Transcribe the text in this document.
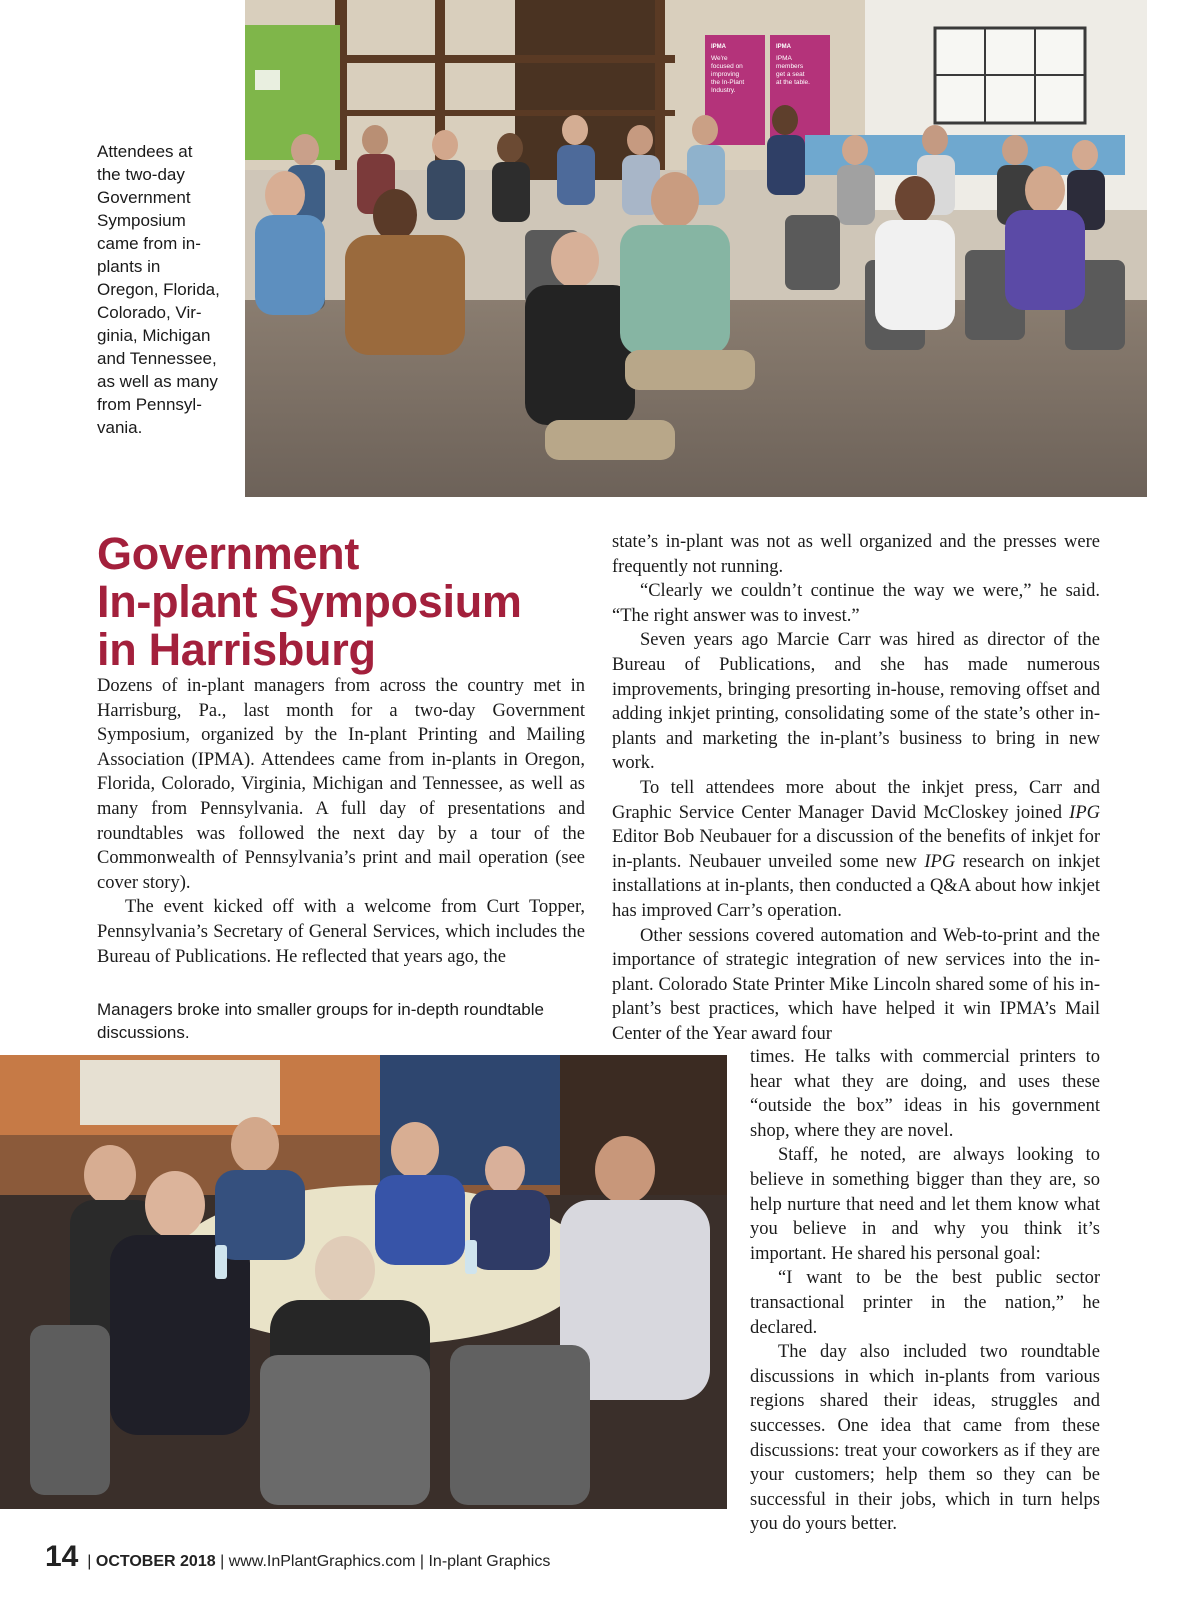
Attendees at
the two-day
Government
Symposium
came from in-
plants in
Oregon, Florida,
Colorado, Vir-
ginia, Michigan
and Tennessee,
as well as many
from Pennsyl-
vania.
IPMA	IPMA
We're focused on improving the In-Plant Industry.
IPMA members get a seat at the table.
Government
In-plant Symposium
in Harrisburg

Dozens of in-plant managers from across the country met in Harrisburg, Pa., last month for a two-day Government Symposium, organized by the In-plant Printing and Mailing Association (IPMA). Attendees came from in-plants in Oregon, Florida, Colorado, Virginia, Michigan and Tennessee, as well as many from Pennsylvania. A full day of presentations and roundtables was followed the next day by a tour of the Commonwealth of Pennsylvania’s print and mail operation (see cover story).

The event kicked off with a welcome from Curt Topper, Pennsylvania’s Secretary of General Services, which includes the Bureau of Publications. He reflected that years ago, the

Managers broke into smaller groups for in-depth roundtable
discussions.

state’s in-plant was not as well organized and the presses were frequently not running.

“Clearly we couldn’t continue the way we were,” he said. “The right answer was to invest.”

Seven years ago Marcie Carr was hired as director of the Bureau of Publications, and she has made numerous improvements, bringing presorting in-house, removing offset and adding inkjet printing, consolidating some of the state’s other in-plants and marketing the in-plant’s business to bring in new work.

To tell attendees more about the inkjet press, Carr and Graphic Service Center Manager David McCloskey joined IPG Editor Bob Neubauer for a discussion of the benefits of inkjet for in-plants. Neubauer unveiled some new IPG research on inkjet installations at in-plants, then conducted a Q&A about how inkjet has improved Carr’s operation.

Other sessions covered automation and Web-to-print and the importance of strategic integration of new services into the in-plant. Colorado State Printer Mike Lincoln shared some of his in-plant’s best practices, which have helped it win IPMA’s Mail Center of the Year award four

times. He talks with commercial printers to hear what they are doing, and uses these “outside the box” ideas in his government shop, where they are novel.

Staff, he noted, are always looking to believe in something bigger than they are, so help nurture that need and let them know what you believe in and why you think it’s important. He shared his personal goal:

“I want to be the best public sector transactional printer in the nation,” he declared.

The day also included two roundtable discussions in which in-plants from various regions shared their ideas, struggles and successes. One idea that came from these discussions: treat your coworkers as if they are your customers; help them so they can be successful in their jobs, which in turn helps you do yours better.

14 | OCTOBER 2018 | www.InPlantGraphics.com | In-plant Graphics
